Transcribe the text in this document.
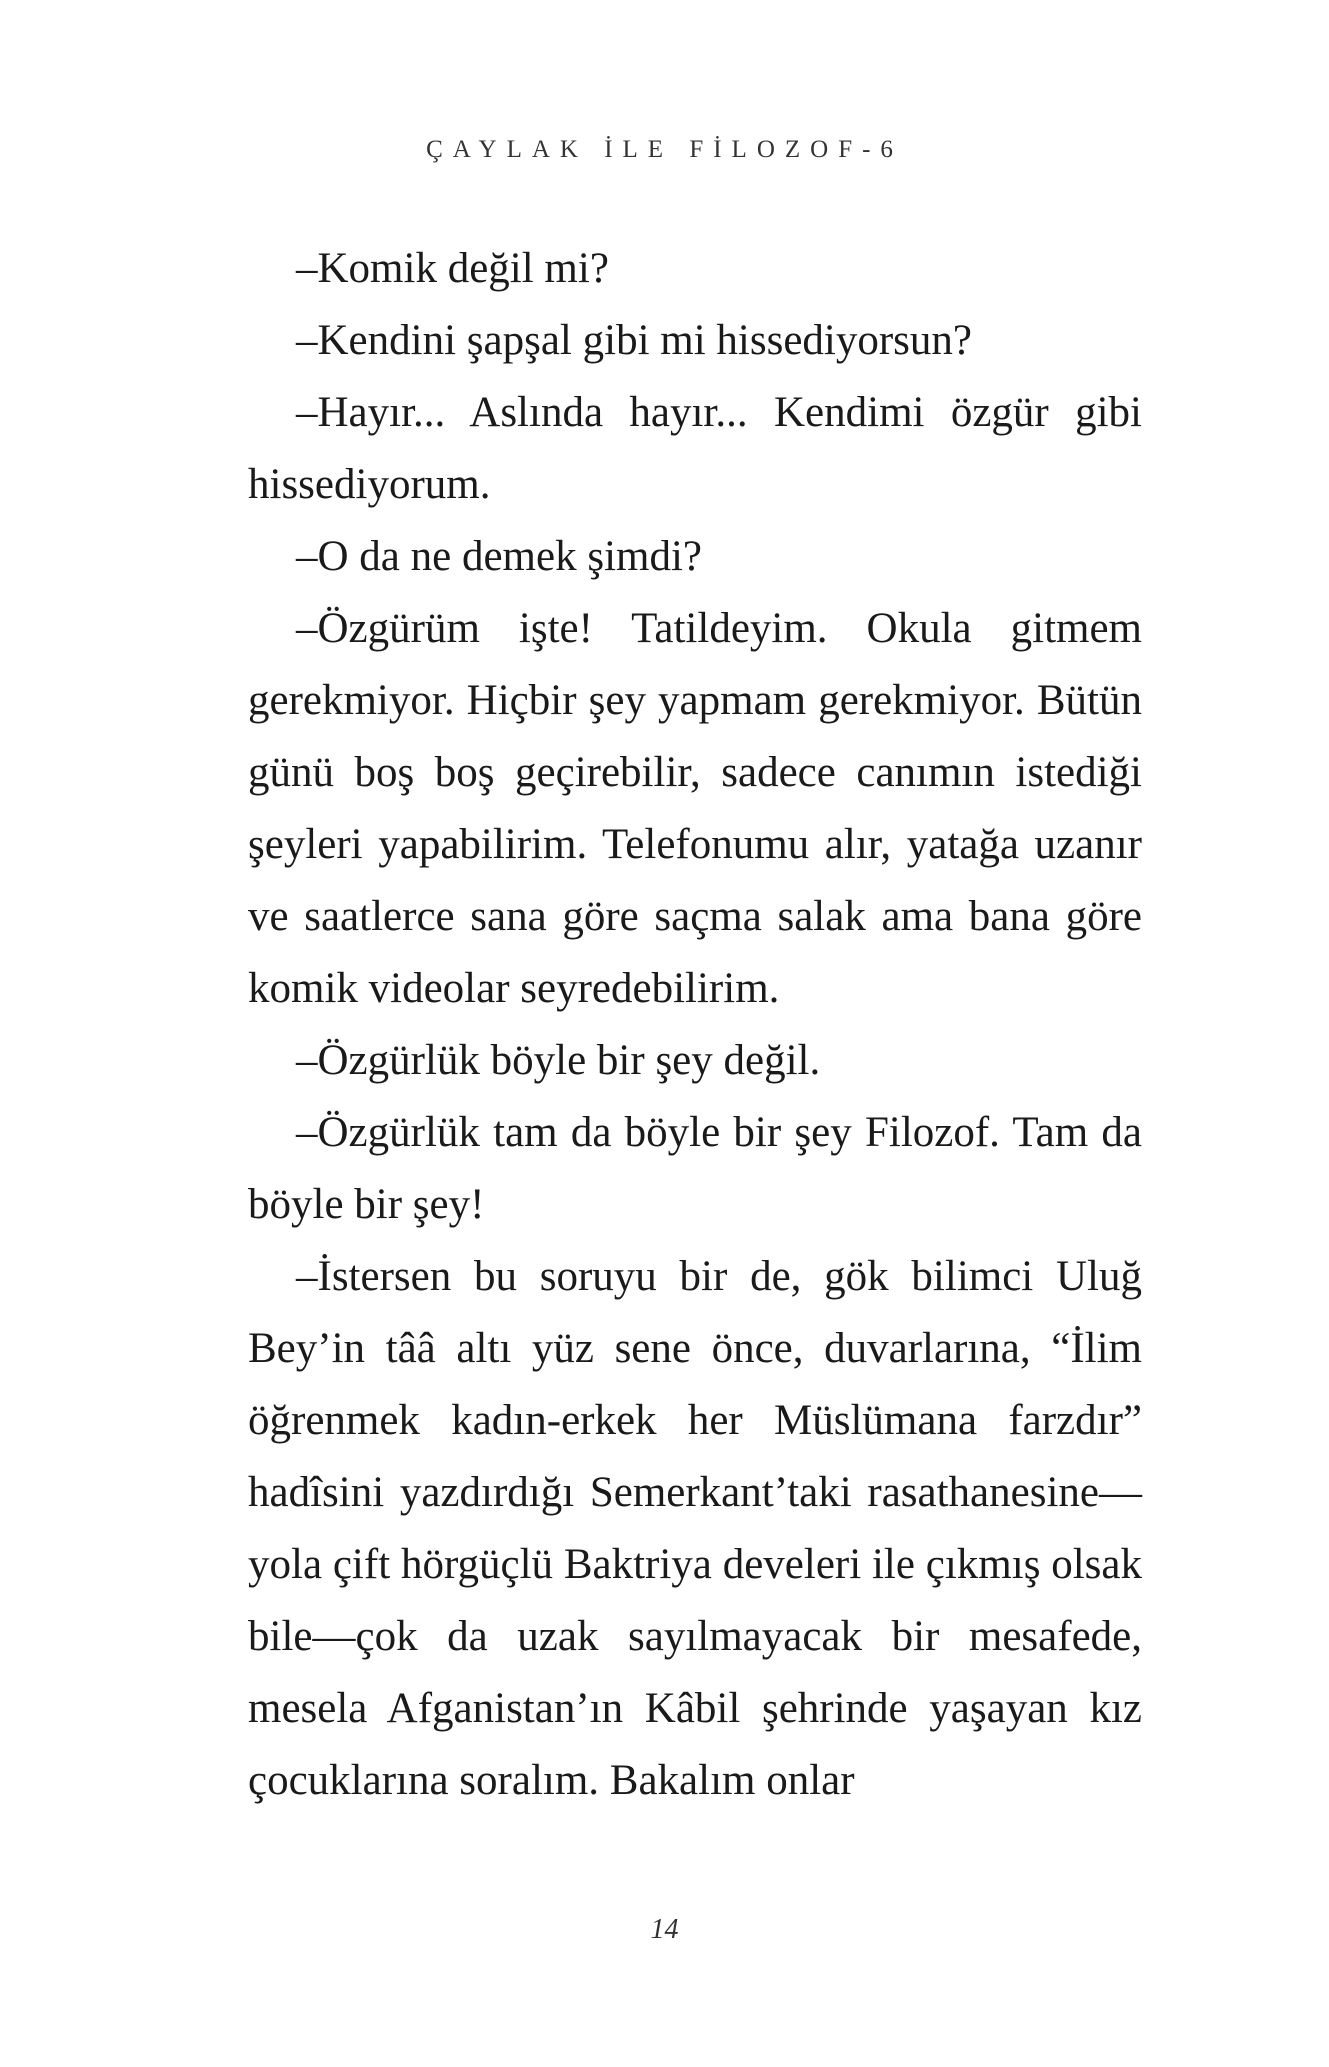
ÇAYLAK İLE FİLOZOF-6

–Komik değil mi?

–Kendini şapşal gibi mi hissediyorsun?

–Hayır... Aslında hayır... Kendimi özgür gibi hissediyorum.

–O da ne demek şimdi?

–Özgürüm işte! Tatildeyim. Okula gitmem gerekmiyor. Hiçbir şey yapmam gerekmiyor. Bütün günü boş boş geçirebilir, sadece canımın istediği şeyleri yapabilirim. Telefonumu alır, yatağa uzanır ve saatlerce sana göre saçma salak ama bana göre komik videolar seyredebilirim.

–Özgürlük böyle bir şey değil.

–Özgürlük tam da böyle bir şey Filozof. Tam da böyle bir şey!

–İstersen bu soruyu bir de, gök bilimci Uluğ Bey’in tââ altı yüz sene önce, duvarlarına, “İlim öğrenmek kadın-erkek her Müslümana farzdır” hadîsini yazdırdığı Semerkant’taki rasathanesine—yola çift hörgüçlü Baktriya develeri ile çıkmış olsak bile—çok da uzak sayılmayacak bir mesafede, mesela Afganistan’ın Kâbil şehrinde yaşayan kız çocuklarına soralım. Bakalım onlar

14
